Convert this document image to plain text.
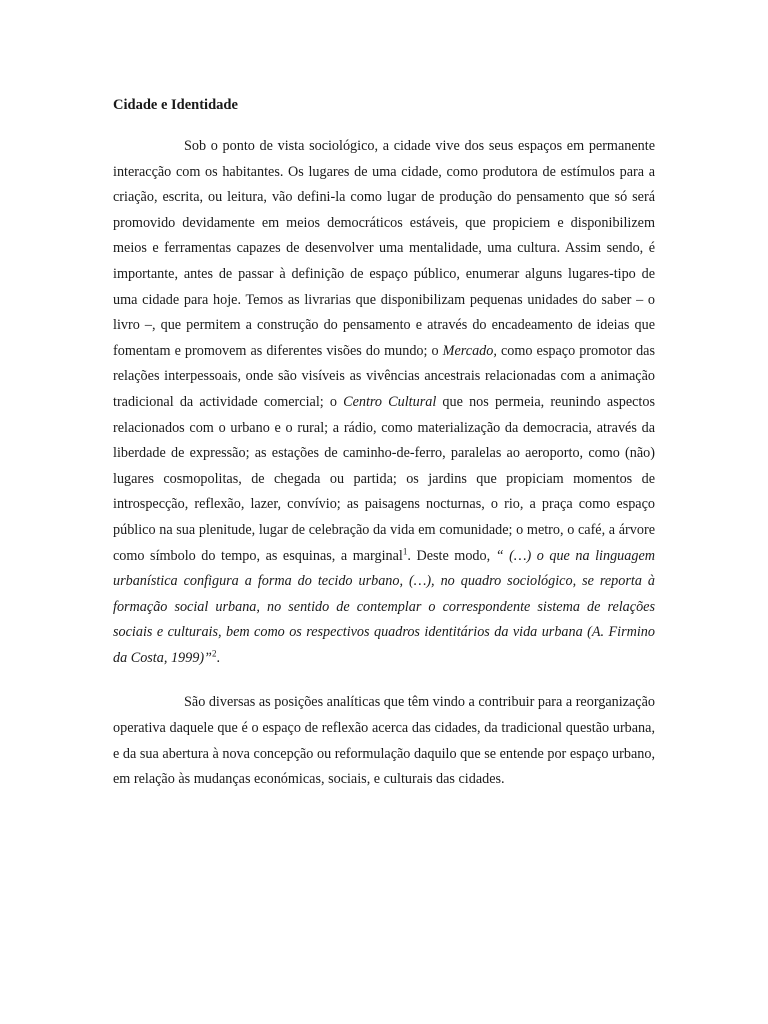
Cidade e Identidade

Sob o ponto de vista sociológico, a cidade vive dos seus espaços em permanente interacção com os habitantes. Os lugares de uma cidade, como produtora de estímulos para a criação, escrita, ou leitura, vão defini-la como lugar de produção do pensamento que só será promovido devidamente em meios democráticos estáveis, que propiciem e disponibilizem meios e ferramentas capazes de desenvolver uma mentalidade, uma cultura. Assim sendo, é importante, antes de passar à definição de espaço público, enumerar alguns lugares-tipo de uma cidade para hoje. Temos as livrarias que disponibilizam pequenas unidades do saber – o livro –, que permitem a construção do pensamento e através do encadeamento de ideias que fomentam e promovem as diferentes visões do mundo; o Mercado, como espaço promotor das relações interpessoais, onde são visíveis as vivências ancestrais relacionadas com a animação tradicional da actividade comercial; o Centro Cultural que nos permeia, reunindo aspectos relacionados com o urbano e o rural; a rádio, como materialização da democracia, através da liberdade de expressão; as estações de caminho-de-ferro, paralelas ao aeroporto, como (não) lugares cosmopolitas, de chegada ou partida; os jardins que propiciam momentos de introspecção, reflexão, lazer, convívio; as paisagens nocturnas, o rio, a praça como espaço público na sua plenitude, lugar de celebração da vida em comunidade; o metro, o café, a árvore como símbolo do tempo, as esquinas, a marginal$^1$. Deste modo, “ (…) o que na linguagem urbanística configura a forma do tecido urbano, (…), no quadro sociológico, se reporta à formação social urbana, no sentido de contemplar o correspondente sistema de relações sociais e culturais, bem como os respectivos quadros identitários da vida urbana (A. Firmino da Costa, 1999)”$^2$.

São diversas as posições analíticas que têm vindo a contribuir para a reorganização operativa daquele que é o espaço de reflexão acerca das cidades, da tradicional questão urbana, e da sua abertura à nova concepção ou reformulação daquilo que se entende por espaço urbano, em relação às mudanças económicas, sociais, e culturais das cidades.
